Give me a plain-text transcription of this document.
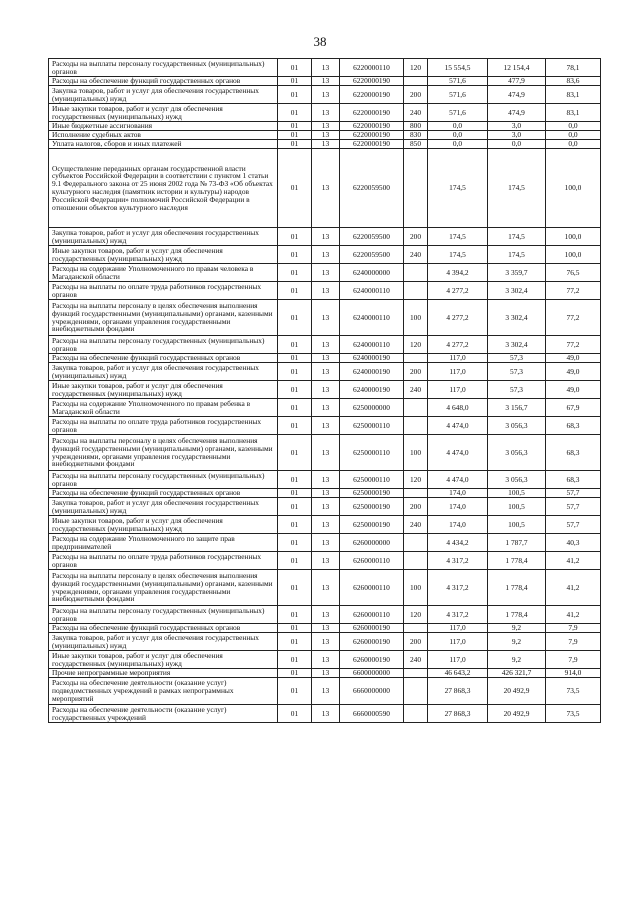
38
Расходы на выплаты персоналу государственных (муниципальных) органов	01	13	6220000110	120	15 554,5	12 154,4	78,1
Расходы на обеспечение функций государственных органов	01	13	6220000190		571,6	477,9	83,6
Закупка товаров, работ и услуг для обеспечения государственных (муниципальных) нужд	01	13	6220000190	200	571,6	474,9	83,1
Иные закупки товаров, работ и услуг для обеспечения государственных (муниципальных) нужд	01	13	6220000190	240	571,6	474,9	83,1
Иные бюджетные ассигнования	01	13	6220000190	800	0,0	3,0	0,0
Исполнение судебных актов	01	13	6220000190	830	0,0	3,0	0,0
Уплата налогов, сборов и иных платежей	01	13	6220000190	850	0,0	0,0	0,0
Осуществление переданных органам государственной власти субъектов Российской Федерации в соответствии с пунктом 1 статьи 9.1 Федерального закона от 25 июня 2002 года № 73-ФЗ «Об объектах культурного наследия (памятник истории и культуры) народов Российской Федерации» полномочий Российской Федерации в отношении объектов культурного наследия	01	13	6220059500		174,5	174,5	100,0
Закупка товаров, работ и услуг для обеспечения государственных (муниципальных) нужд	01	13	6220059500	200	174,5	174,5	100,0
Иные закупки товаров, работ и услуг для обеспечения государственных (муниципальных) нужд	01	13	6220059500	240	174,5	174,5	100,0
Расходы на содержание Уполномоченного по правам человека в Магаданской области	01	13	6240000000		4 394,2	3 359,7	76,5
Расходы на выплаты по оплате труда работников государственных органов	01	13	6240000110		4 277,2	3 302,4	77,2
Расходы на выплаты персоналу в целях обеспечения выполнения функций государственными (муниципальными) органами, казенными учреждениями, органами управления государственными внебюджетными фондами	01	13	6240000110	100	4 277,2	3 302,4	77,2
Расходы на выплаты персоналу государственных (муниципальных) органов	01	13	6240000110	120	4 277,2	3 302,4	77,2
Расходы на обеспечение функций государственных органов	01	13	6240000190		117,0	57,3	49,0
Закупка товаров, работ и услуг для обеспечения государственных (муниципальных) нужд	01	13	6240000190	200	117,0	57,3	49,0
Иные закупки товаров, работ и услуг для обеспечения государственных (муниципальных) нужд	01	13	6240000190	240	117,0	57,3	49,0
Расходы на содержание Уполномоченного по правам ребенка в Магаданской области	01	13	6250000000		4 648,0	3 156,7	67,9
Расходы на выплаты по оплате труда работников государственных органов	01	13	6250000110		4 474,0	3 056,3	68,3
Расходы на выплаты персоналу в целях обеспечения выполнения функций государственными (муниципальными) органами, казенными учреждениями, органами управления государственными внебюджетными фондами	01	13	6250000110	100	4 474,0	3 056,3	68,3
Расходы на выплаты персоналу государственных (муниципальных) органов	01	13	6250000110	120	4 474,0	3 056,3	68,3
Расходы на обеспечение функций государственных органов	01	13	6250000190		174,0	100,5	57,7
Закупка товаров, работ и услуг для обеспечения государственных (муниципальных) нужд	01	13	6250000190	200	174,0	100,5	57,7
Иные закупки товаров, работ и услуг для обеспечения государственных (муниципальных) нужд	01	13	6250000190	240	174,0	100,5	57,7
Расходы на содержание Уполномоченного по защите прав предпринимателей	01	13	6260000000		4 434,2	1 787,7	40,3
Расходы на выплаты по оплате труда работников государственных органов	01	13	6260000110		4 317,2	1 778,4	41,2
Расходы на выплаты персоналу в целях обеспечения выполнения функций государственными (муниципальными) органами, казенными учреждениями, органами управления государственными внебюджетными фондами	01	13	6260000110	100	4 317,2	1 778,4	41,2
Расходы на выплаты персоналу государственных (муниципальных) органов	01	13	6260000110	120	4 317,2	1 778,4	41,2
Расходы на обеспечение функций государственных органов	01	13	6260000190		117,0	9,2	7,9
Закупка товаров, работ и услуг для обеспечения государственных (муниципальных) нужд	01	13	6260000190	200	117,0	9,2	7,9
Иные закупки товаров, работ и услуг для обеспечения государственных (муниципальных) нужд	01	13	6260000190	240	117,0	9,2	7,9
Прочие непрограммные мероприятия	01	13	6600000000		46 643,2	426 321,7	914,0
Расходы на обеспечение деятельности (оказание услуг) подведомственных учреждений в рамках непрограммных мероприятий	01	13	6660000000		27 868,3	20 492,9	73,5
Расходы на обеспечение деятельности (оказание услуг) государственных учреждений	01	13	6660000590		27 868,3	20 492,9	73,5
